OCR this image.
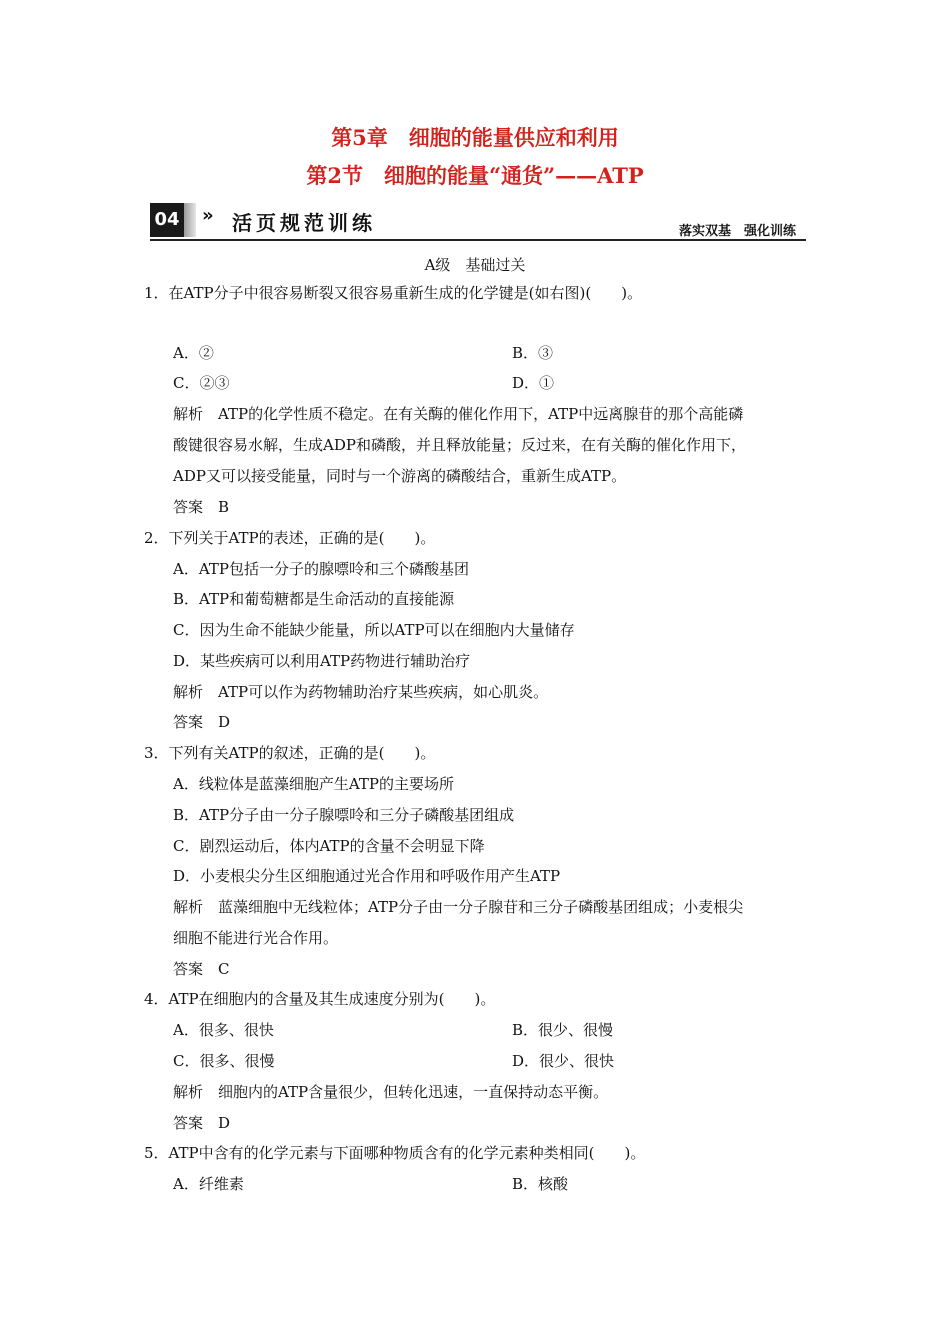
第5章　细胞的能量供应和利用
第2节　细胞的能量“通货”——ATP
04 » 活页规范训练	落实双基　强化训练
A级　基础过关
1．在ATP分子中很容易断裂又很容易重新生成的化学键是(如右图)(　　)。
A．②	B．③
C．②③	D．①
解析　ATP的化学性质不稳定。在有关酶的催化作用下，ATP中远离腺苷的那个高能磷
酸键很容易水解，生成ADP和磷酸，并且释放能量；反过来，在有关酶的催化作用下，
ADP又可以接受能量，同时与一个游离的磷酸结合，重新生成ATP。
答案　B
2．下列关于ATP的表述，正确的是(　　)。
A．ATP包括一分子的腺嘌呤和三个磷酸基团
B．ATP和葡萄糖都是生命活动的直接能源
C．因为生命不能缺少能量，所以ATP可以在细胞内大量储存
D．某些疾病可以利用ATP药物进行辅助治疗
解析　ATP可以作为药物辅助治疗某些疾病，如心肌炎。
答案　D
3．下列有关ATP的叙述，正确的是(　　)。
A．线粒体是蓝藻细胞产生ATP的主要场所
B．ATP分子由一分子腺嘌呤和三分子磷酸基团组成
C．剧烈运动后，体内ATP的含量不会明显下降
D．小麦根尖分生区细胞通过光合作用和呼吸作用产生ATP
解析　蓝藻细胞中无线粒体；ATP分子由一分子腺苷和三分子磷酸基团组成；小麦根尖
细胞不能进行光合作用。
答案　C
4．ATP在细胞内的含量及其生成速度分别为(　　)。
A．很多、很快	B．很少、很慢
C．很多、很慢	D．很少、很快
解析　细胞内的ATP含量很少，但转化迅速，一直保持动态平衡。
答案　D
5．ATP中含有的化学元素与下面哪种物质含有的化学元素种类相同(　　)。
A．纤维素	B．核酸
